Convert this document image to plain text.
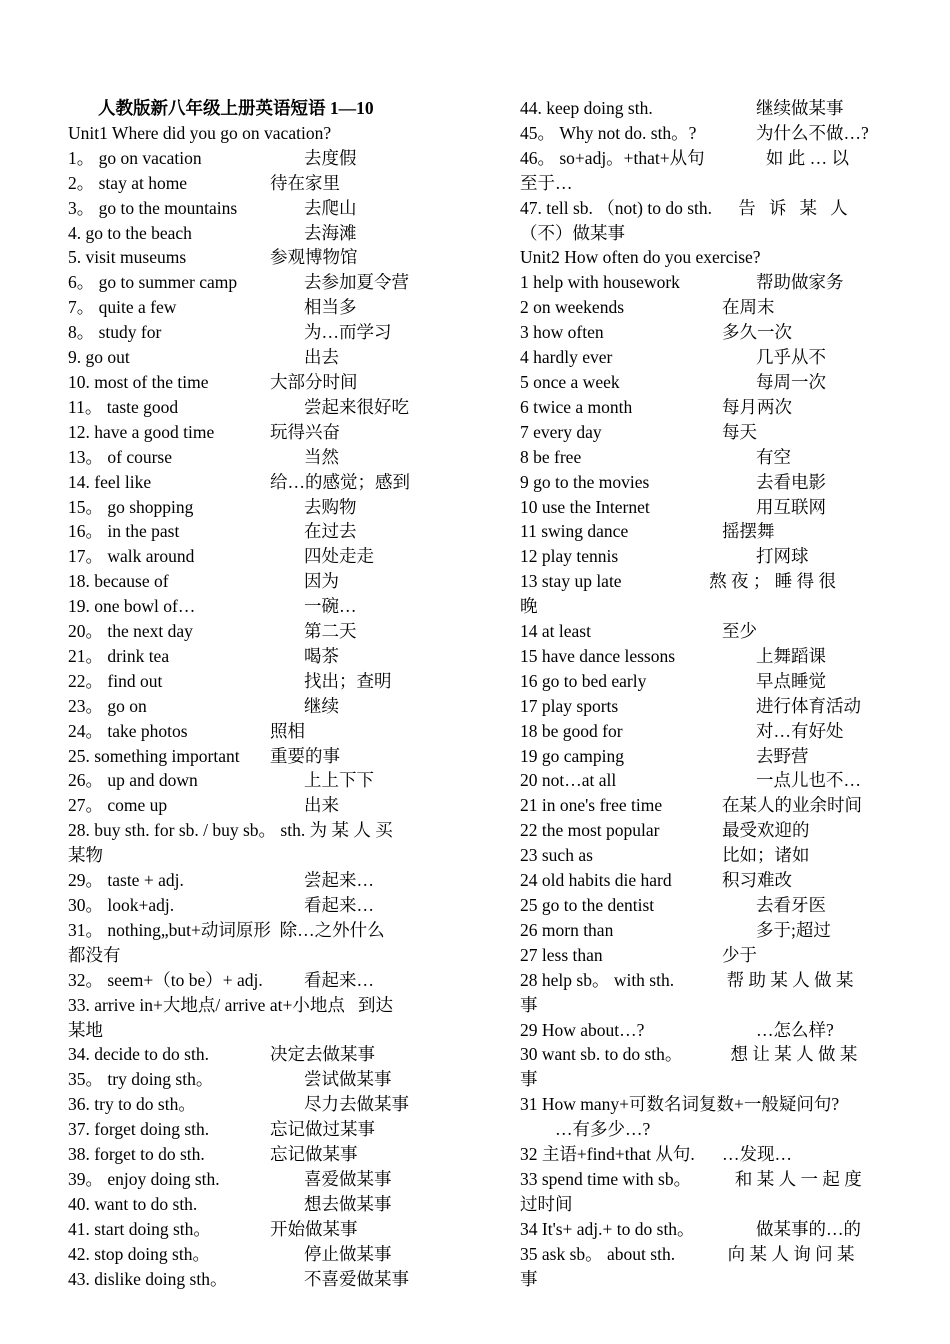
人教版新八年级上册英语短语 1—10
Unit1 Where did you go on vacation?
1。 go on vacation	去度假
2。 stay at home	待在家里
3。 go to the mountains	去爬山
4. go to the beach	去海滩
5. visit museums	参观博物馆
6。 go to summer camp	去参加夏令营
7。 quite a few	相当多
8。 study for	为…而学习
9. go out	出去
10. most of the time	大部分时间
11。 taste good	尝起来很好吃
12. have a good time	玩得兴奋
13。 of course	当然
14. feel like	给…的感觉；感到
15。 go shopping	去购物
16。 in the past	在过去
17。 walk around	四处走走
18. because of	因为
19. one bowl of…	一碗…
20。 the next day	第二天
21。 drink tea	喝茶
22。 find out	找出；查明
23。 go on	继续
24。 take photos	照相
25. something important 重要的事
26。 up and down	上上下下
27。 come up	出来
28. buy sth. for sb. / buy sb。 sth. 为 某 人 买
某物
29。 taste + adj.	尝起来…
30。 look+adj.	看起来…
31。 nothing„but+动词原形  除…之外什么
都没有
32。 seem+（to be）+ adj. 看起来…
33. arrive in+大地点/ arrive at+小地点   到达
某地
34. decide to do sth.	决定去做某事
35。 try doing sth。	尝试做某事
36. try to do sth。	尽力去做某事
37. forget doing sth.	忘记做过某事
38. forget to do sth.	忘记做某事
39。 enjoy doing sth.	喜爱做某事
40. want to do sth.	想去做某事
41. start doing sth。	开始做某事
42. stop doing sth。	停止做某事
43. dislike doing sth。	不喜爱做某事
44. keep doing sth.	继续做某事
45。 Why not do. sth。?	为什么不做…?
46。 so+adj。+that+从句              如 此 … 以
至于…
47. tell sb. （not) to do sth.      告   诉   某   人
（不）做某事
Unit2 How often do you exercise?
1 help with housework	帮助做家务
2 on weekends	在周末
3 how often	多久一次
4 hardly ever	几乎从不
5 once a week	每周一次
6 twice a month	每月两次
7 every day	每天
8 be free	有空
9 go to the movies	去看电影
10 use the Internet	用互联网
11 swing dance	摇摆舞
12 play tennis	打网球
13 stay up late                    熬 夜 ； 睡 得 很
晚
14 at least	至少
15 have dance lessons	上舞蹈课
16 go to bed early	早点睡觉
17 play sports	进行体育活动
18 be good for	对…有好处
19 go camping	去野营
20 not…at all	一点儿也不…
21 in one's free time	在某人的业余时间
22 the most popular	最受欢迎的
23 such as	比如；诸如
24 old habits die hard	积习难改
25 go to the dentist	去看牙医
26 morn than	多于;超过
27 less than	少于
28 help sb。 with sth.            帮 助 某 人 做 某
事
29 How about…?	…怎么样?
30 want sb. to do sth。           想 让 某 人 做 某
事
31 How many+可数名词复数+一般疑问句?
…有多少…?
32 主语+find+that 从句. …发现…
33 spend time with sb。          和 某 人 一 起 度
过时间
34 It's+ adj.+ to do sth。	做某事的…的
35 ask sb。 about sth.            向 某 人 询 问 某
事
